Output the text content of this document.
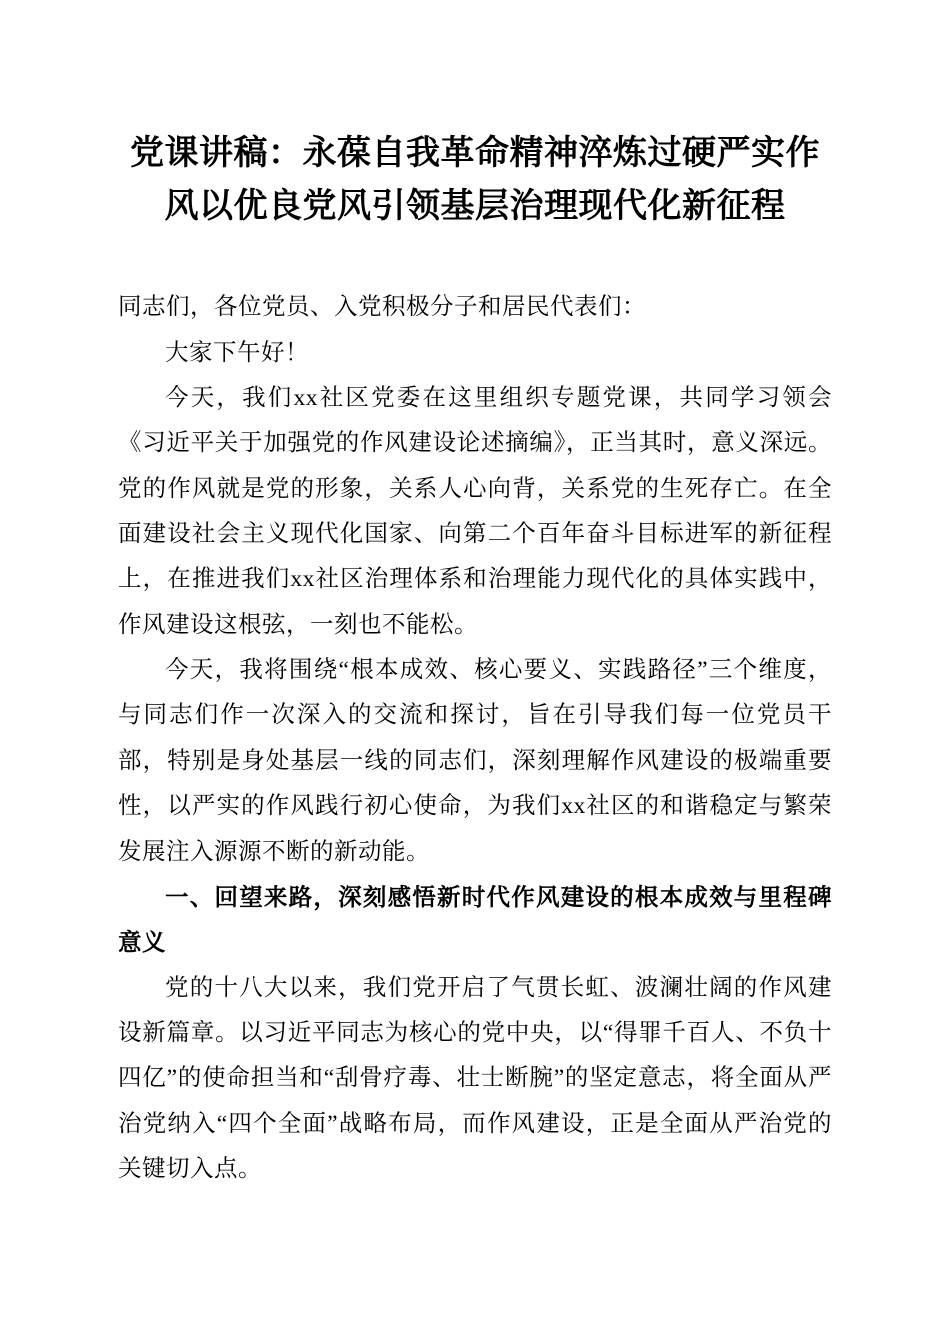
党课讲稿：永葆自我革命精神淬炼过硬严实作风以优良党风引领基层治理现代化新征程

同志们，各位党员、入党积极分子和居民代表们：

大家下午好！

今天，我们xx社区党委在这里组织专题党课，共同学习领会《习近平关于加强党的作风建设论述摘编》，正当其时，意义深远。党的作风就是党的形象，关系人心向背，关系党的生死存亡。在全面建设社会主义现代化国家、向第二个百年奋斗目标进军的新征程上，在推进我们xx社区治理体系和治理能力现代化的具体实践中，作风建设这根弦，一刻也不能松。

今天，我将围绕“根本成效、核心要义、实践路径”三个维度，与同志们作一次深入的交流和探讨，旨在引导我们每一位党员干部，特别是身处基层一线的同志们，深刻理解作风建设的极端重要性，以严实的作风践行初心使命，为我们xx社区的和谐稳定与繁荣发展注入源源不断的新动能。

一、回望来路，深刻感悟新时代作风建设的根本成效与里程碑意义

党的十八大以来，我们党开启了气贯长虹、波澜壮阔的作风建设新篇章。以习近平同志为核心的党中央，以“得罪千百人、不负十四亿”的使命担当和“刮骨疗毒、壮士断腕”的坚定意志，将全面从严治党纳入“四个全面”战略布局，而作风建设，正是全面从严治党的关键切入点。
